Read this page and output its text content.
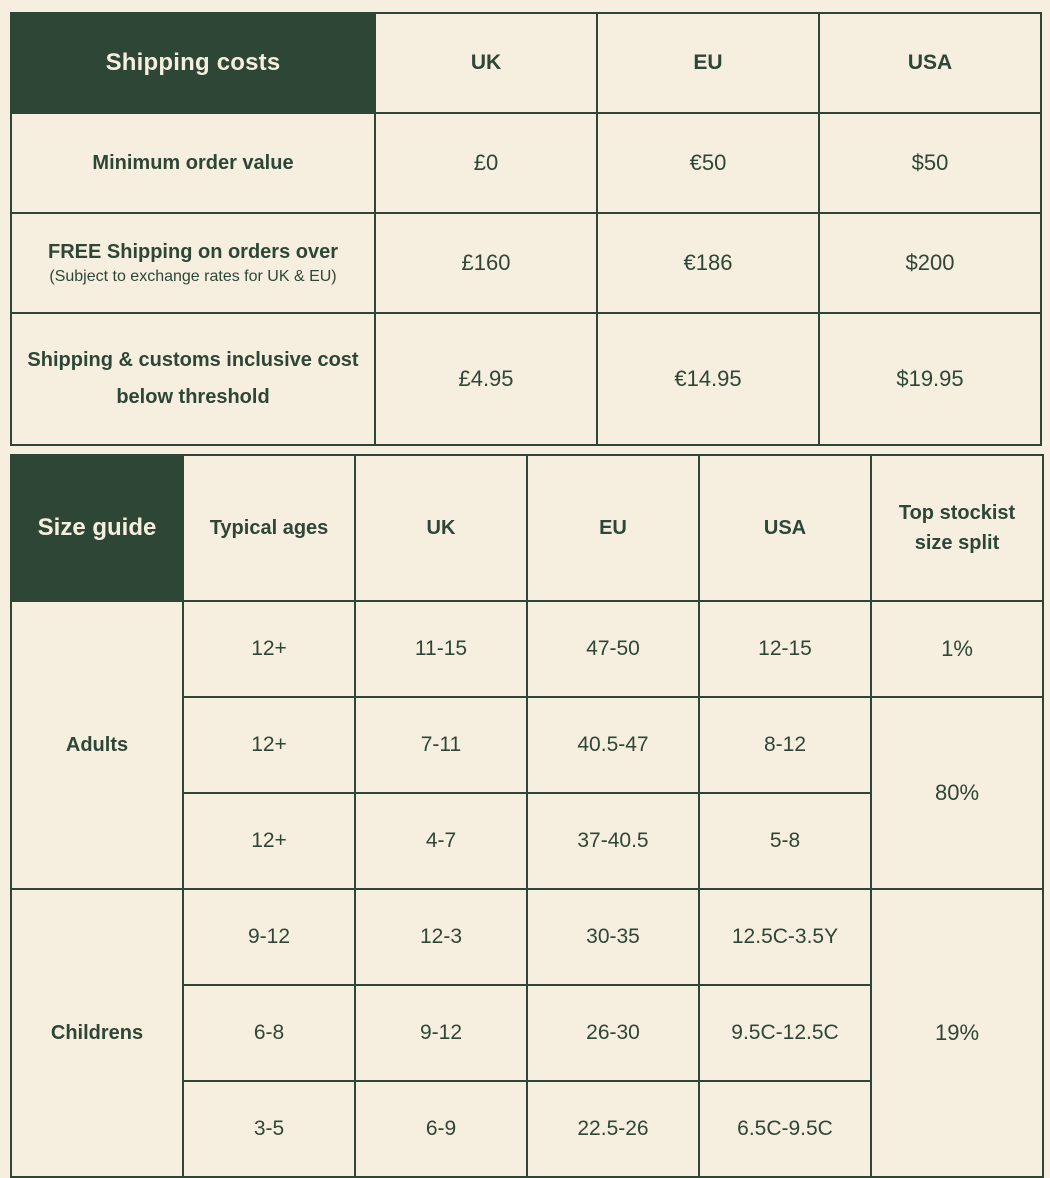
Shipping costs	UK	EU	USA
Minimum order value	£0	€50	$50
FREE Shipping on orders over
(Subject to exchange rates for UK & EU)	£160	€186	$200
Shipping & customs inclusive cost below threshold	£4.95	€14.95	$19.95
Size guide	Typical ages	UK	EU	USA	Top stockist size split
Adults	12+	11-15	47-50	12-15	1%
	12+	7-11	40.5-47	8-12	80%
	12+	4-7	37-40.5	5-8	
Childrens	9-12	12-3	30-35	12.5C-3.5Y	19%
	6-8	9-12	26-30	9.5C-12.5C	
	3-5	6-9	22.5-26	6.5C-9.5C	
